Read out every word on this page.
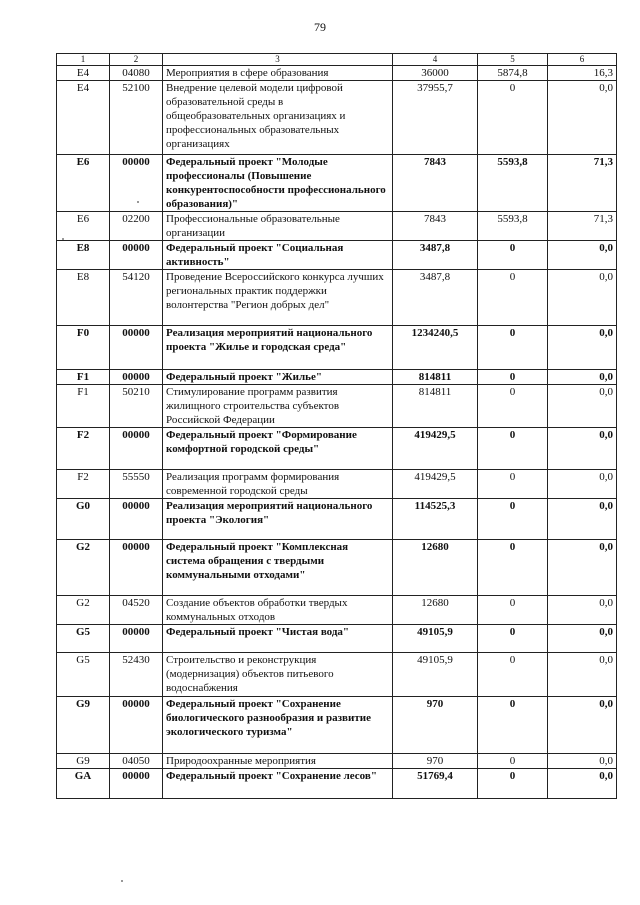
79
1	2	3	4	5	6
E4	04080	Мероприятия в сфере образования	36000	5874,8	16,3
E4	52100	Внедрение целевой модели цифровой образовательной среды в общеобразовательных организациях и профессиональных образовательных организациях	37955,7	0	0,0
E6	00000	Федеральный проект "Молодые профессионалы (Повышение конкурентоспособности профессионального образования)"	7843	5593,8	71,3
E6	02200	Профессиональные образовательные организации	7843	5593,8	71,3
E8	00000	Федеральный проект "Социальная активность"	3487,8	0	0,0
E8	54120	Проведение Всероссийского конкурса лучших региональных практик поддержки волонтерства "Регион добрых дел"	3487,8	0	0,0
F0	00000	Реализация мероприятий национального проекта "Жилье и городская среда"	1234240,5	0	0,0
F1	00000	Федеральный проект "Жилье"	814811	0	0,0
F1	50210	Стимулирование программ развития жилищного строительства субъектов Российской Федерации	814811	0	0,0
F2	00000	Федеральный проект "Формирование комфортной городской среды"	419429,5	0	0,0
F2	55550	Реализация программ формирования современной городской среды	419429,5	0	0,0
G0	00000	Реализация мероприятий национального проекта "Экология"	114525,3	0	0,0
G2	00000	Федеральный проект "Комплексная система обращения с твердыми коммунальными отходами"	12680	0	0,0
G2	04520	Создание объектов обработки твердых коммунальных отходов	12680	0	0,0
G5	00000	Федеральный проект "Чистая вода"	49105,9	0	0,0
G5	52430	Строительство и реконструкция (модернизация) объектов питьевого водоснабжения	49105,9	0	0,0
G9	00000	Федеральный проект "Сохранение биологического разнообразия и развитие экологического туризма"	970	0	0,0
G9	04050	Природоохранные мероприятия	970	0	0,0
GA	00000	Федеральный проект "Сохранение лесов"	51769,4	0	0,0
